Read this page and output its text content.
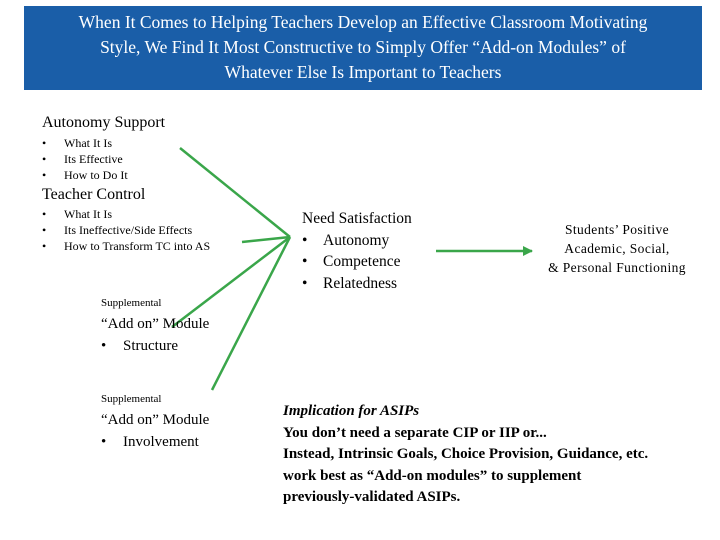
When It Comes to Helping Teachers Develop an Effective Classroom Motivating
Style, We Find It Most Constructive to Simply Offer “Add-on Modules” of
Whatever Else Is Important to Teachers
Autonomy Support
• What It Is
• Its Effective
• How to Do It
Teacher Control
• What It Is
• Its Ineffective/Side Effects
• How to Transform TC into AS
Need Satisfaction
• Autonomy
• Competence
• Relatedness
Students’ Positive
Academic, Social,
& Personal Functioning
Supplemental
“Add on” Module
• Structure
Supplemental
“Add on” Module
• Involvement
Implication for ASIPs
You don’t need a separate CIP or IIP or...
Instead, Intrinsic Goals, Choice Provision, Guidance, etc.
work best as “Add-on modules” to supplement
previously-validated ASIPs.
